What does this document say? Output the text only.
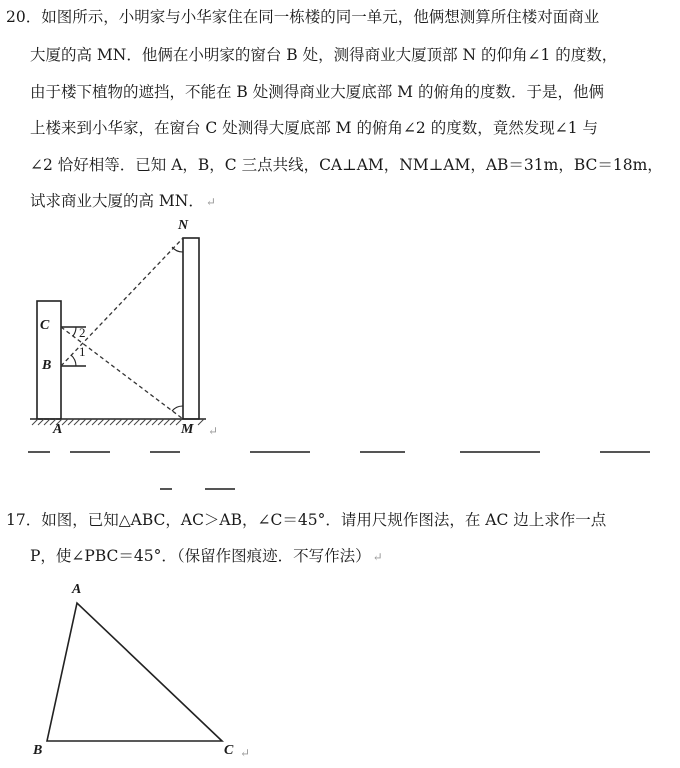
20．如图所示，小明家与小华家住在同一栋楼的同一单元，他俩想测算所住楼对面商业
大厦的高 MN．他俩在小明家的窗台 B 处，测得商业大厦顶部 N 的仰角∠1 的度数，
由于楼下植物的遮挡，不能在 B 处测得商业大厦底部 M 的俯角的度数．于是，他俩
上楼来到小华家，在窗台 C 处测得大厦底部 M 的俯角∠2 的度数，竟然发现∠1 与
∠2 恰好相等．已知 A，B，C 三点共线，CA⊥AM，NM⊥AM，AB＝31m，BC＝18m，
试求商业大厦的高 MN． ↵
N
C
B
A	M
2
1
↵
17．如图，已知△ABC，AC＞AB，∠C＝45°．请用尺规作图法，在 AC 边上求作一点
P，使∠PBC＝45°．（保留作图痕迹．不写作法） ↵
A
B	C ↵
